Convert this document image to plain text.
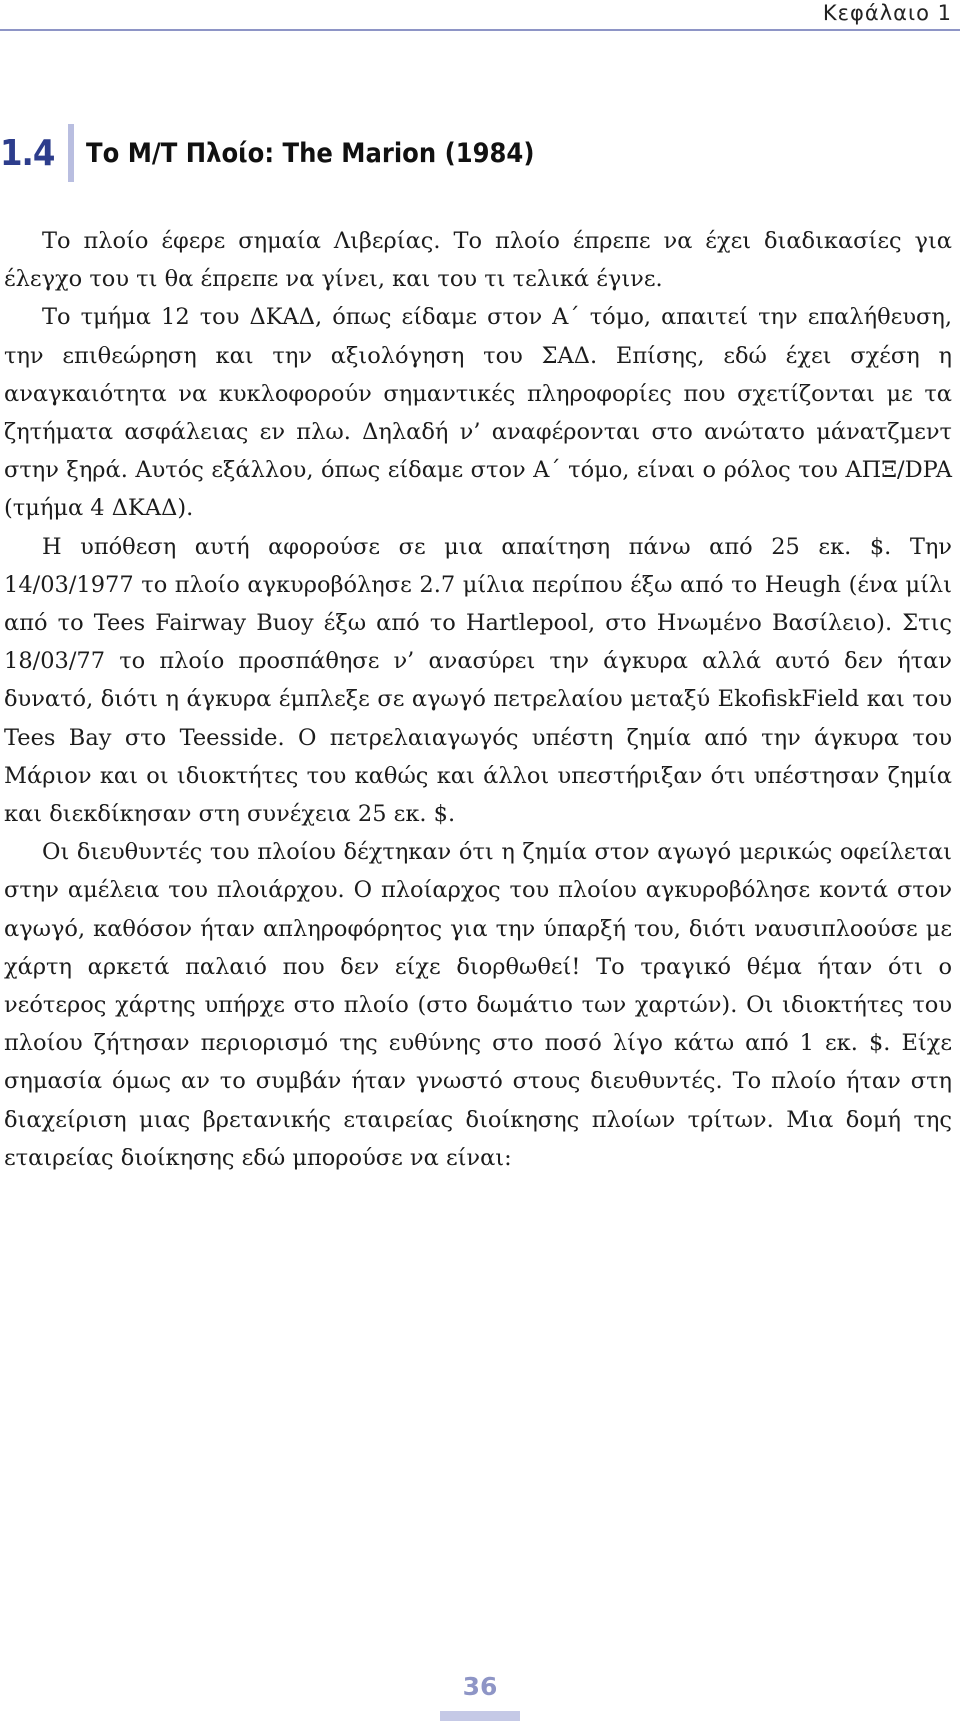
Κεφάλαιο 1
1.4 Το Μ/Τ Πλοίο: The Marion (1984)

Το πλοίο έφερε σημαία Λιβερίας. Το πλοίο έπρεπε να έχει διαδικασίες για έλεγχο του τι θα έπρεπε να γίνει, και του τι τελικά έγινε.

Το τμήμα 12 του ΔΚΑΔ, όπως είδαμε στον Α΄ τόμο, απαιτεί την επαλήθευση, την επιθεώρηση και την αξιολόγηση του ΣΑΔ. Επίσης, εδώ έχει σχέση η αναγκαιότητα να κυκλοφορούν σημαντικές πληροφορίες που σχετίζονται με τα ζητήματα ασφάλειας εν πλω. Δηλαδή ν’ αναφέρονται στο ανώτατο μάνατζμεντ στην ξηρά. Αυτός εξάλλου, όπως είδαμε στον Α΄ τόμο, είναι ο ρόλος του ΑΠΞ/DPA (τμήμα 4 ΔΚΑΔ).

Η υπόθεση αυτή αφορούσε σε μια απαίτηση πάνω από 25 εκ. $. Την 14/03/1977 το πλοίο αγκυροβόλησε 2.7 μίλια περίπου έξω από το Heugh (ένα μίλι από το Tees Fairway Buoy έξω από το Hartlepool, στο Ηνωμένο Βασίλειο). Στις 18/03/77 το πλοίο προσπάθησε ν’ ανασύρει την άγκυρα αλλά αυτό δεν ήταν δυνατό, διότι η άγκυρα έμπλεξε σε αγωγό πετρελαίου μεταξύ EkofiskField και του Tees Bay στο Teesside. Ο πετρελαιαγωγός υπέστη ζημία από την άγκυρα του Μάριον και οι ιδιοκτήτες του καθώς και άλλοι υπεστήριξαν ότι υπέστησαν ζημία και διεκδίκησαν στη συνέχεια 25 εκ. $.

Οι διευθυντές του πλοίου δέχτηκαν ότι η ζημία στον αγωγό μερικώς οφείλεται στην αμέλεια του πλοιάρχου. Ο πλοίαρχος του πλοίου αγκυροβόλησε κοντά στον αγωγό, καθόσον ήταν απληροφόρητος για την ύπαρξή του, διότι ναυσιπλοούσε με χάρτη αρκετά παλαιό που δεν είχε διορθωθεί! Το τραγικό θέμα ήταν ότι ο νεότερος χάρτης υπήρχε στο πλοίο (στο δωμάτιο των χαρτών). Οι ιδιοκτήτες του πλοίου ζήτησαν περιορισμό της ευθύνης στο ποσό λίγο κάτω από 1 εκ. $. Είχε σημασία όμως αν το συμβάν ήταν γνωστό στους διευθυντές. Το πλοίο ήταν στη διαχείριση μιας βρετανικής εταιρείας διοίκησης πλοίων τρίτων. Μια δομή της εταιρείας διοίκησης εδώ μπορούσε να είναι:

36
